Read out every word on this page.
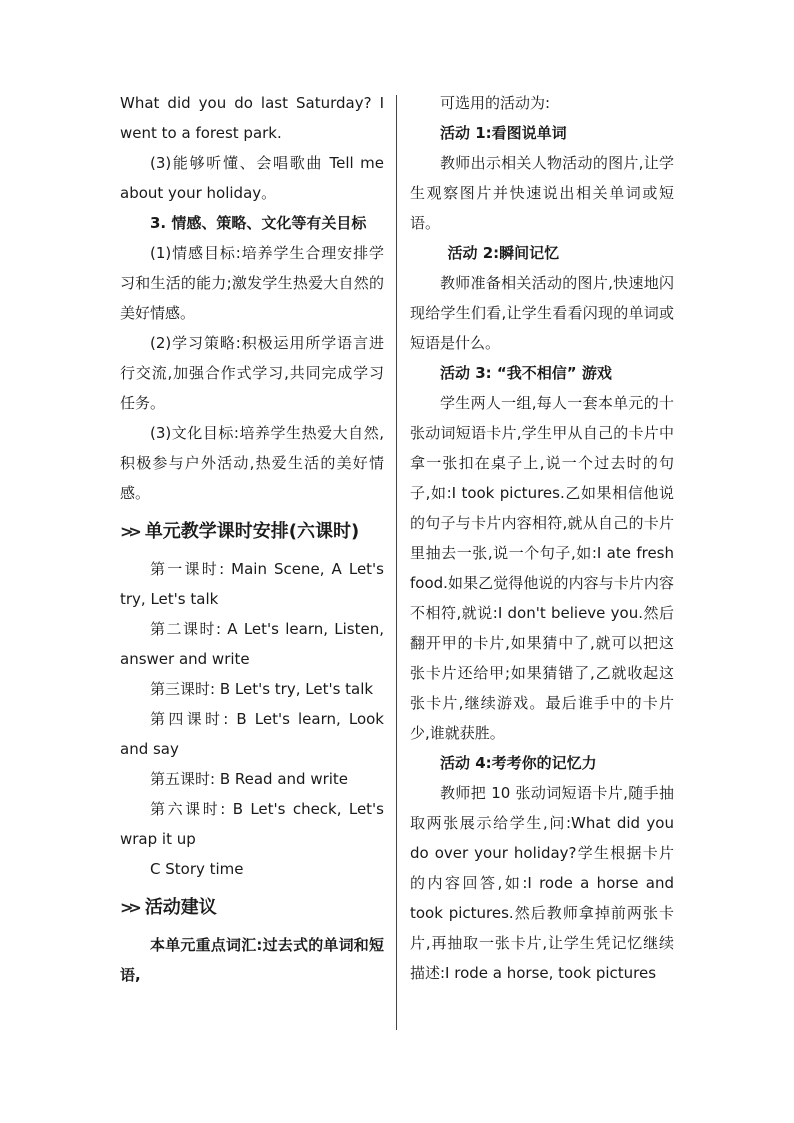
What did you do last Saturday? I went to a forest park.

(3)能够听懂、会唱歌曲 Tell me about your holiday。

3. 情感、策略、文化等有关目标

(1)情感目标:培养学生合理安排学习和生活的能力;激发学生热爱大自然的美好情感。

(2)学习策略:积极运用所学语言进行交流,加强合作式学习,共同完成学习任务。

(3)文化目标:培养学生热爱大自然,积极参与户外活动,热爱生活的美好情感。

>> 单元教学课时安排(六课时)

第一课时: Main Scene, A Let's try, Let's talk

第二课时: A Let's learn, Listen, answer and write

第三课时: B Let's try, Let's talk

第四课时: B Let's learn, Look and say

第五课时: B Read and write

第六课时: B Let's check, Let's wrap it up

C Story time

>> 活动建议

本单元重点词汇:过去式的单词和短语,

可选用的活动为:

活动 1:看图说单词

教师出示相关人物活动的图片,让学生观察图片并快速说出相关单词或短语。

活动 2:瞬间记忆

教师准备相关活动的图片,快速地闪现给学生们看,让学生看看闪现的单词或短语是什么。

活动 3: “我不相信” 游戏

学生两人一组,每人一套本单元的十张动词短语卡片,学生甲从自己的卡片中拿一张扣在桌子上,说一个过去时的句子,如:I took pictures.乙如果相信他说的句子与卡片内容相符,就从自己的卡片里抽去一张,说一个句子,如:I ate fresh food.如果乙觉得他说的内容与卡片内容不相符,就说:I don't believe you.然后翻开甲的卡片,如果猜中了,就可以把这张卡片还给甲;如果猜错了,乙就收起这张卡片,继续游戏。最后谁手中的卡片少,谁就获胜。

活动 4:考考你的记忆力

教师把 10 张动词短语卡片,随手抽取两张展示给学生,问:What did you do over your holiday?学生根据卡片的内容回答,如:I rode a horse and took pictures.然后教师拿掉前两张卡片,再抽取一张卡片,让学生凭记忆继续描述:I rode a horse, took pictures
